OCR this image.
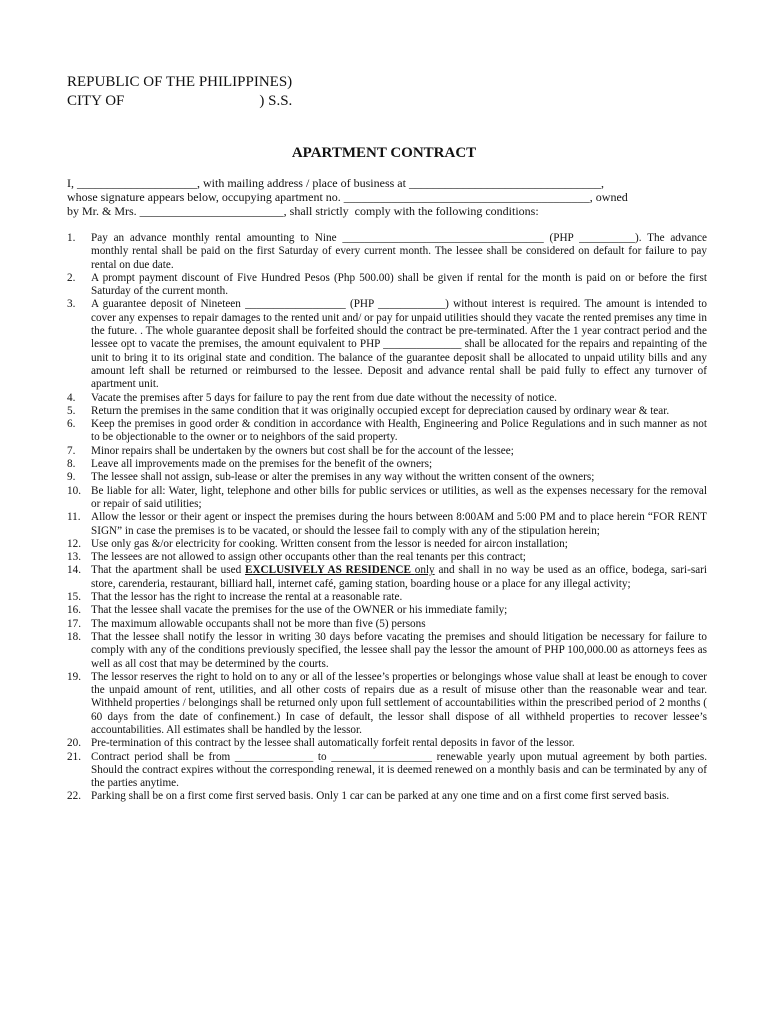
REPUBLIC OF THE PHILIPPINES)
CITY OF                                    ) S.S.
APARTMENT CONTRACT
I, ____________________, with mailing address / place of business at ________________________________,
whose signature appears below, occupying apartment no. _________________________________________, owned
by Mr. & Mrs. ________________________, shall strictly  comply with the following conditions:
1. Pay an advance monthly rental amounting to Nine ____________________________________ (PHP __________). The advance monthly rental shall be paid on the first Saturday of every current month. The lessee shall be considered on default for failure to pay rental on due date.
2. A prompt payment discount of Five Hundred Pesos (Php 500.00) shall be given if rental for the month is paid on or before the first Saturday of the current month.
3. A guarantee deposit of Nineteen __________________ (PHP ____________) without interest is required. The amount is intended to cover any expenses to repair damages to the rented unit and/ or pay for unpaid utilities should they vacate the rented premises any time in the future. . The whole guarantee deposit shall be forfeited should the contract be pre-terminated. After the 1 year contract period and the lessee opt to vacate the premises, the amount equivalent to PHP ______________ shall be allocated for the repairs and repainting of the unit to bring it to its original state and condition. The balance of the guarantee deposit shall be allocated to unpaid utility bills and any amount left shall be returned or reimbursed to the lessee. Deposit and advance rental shall be paid fully to effect any turnover of apartment unit.
4. Vacate the premises after 5 days for failure to pay the rent from due date without the necessity of notice.
5. Return the premises in the same condition that it was originally occupied except for depreciation caused by ordinary wear & tear.
6. Keep the premises in good order & condition in accordance with Health, Engineering and Police Regulations and in such manner as not to be objectionable to the owner or to neighbors of the said property.
7. Minor repairs shall be undertaken by the owners but cost shall be for the account of the lessee;
8. Leave all improvements made on the premises for the benefit of the owners;
9. The lessee shall not assign, sub-lease or alter the premises in any way without the written consent of the owners;
10. Be liable for all: Water, light, telephone and other bills for public services or utilities, as well as the expenses necessary for the removal or repair of said utilities;
11. Allow the lessor or their agent or inspect the premises during the hours between 8:00AM and 5:00 PM and to place herein “FOR RENT SIGN” in case the premises is to be vacated, or should the lessee fail to comply with any of the stipulation herein;
12. Use only gas &/or electricity for cooking. Written consent from the lessor is needed for aircon installation;
13. The lessees are not allowed to assign other occupants other than the real tenants per this contract;
14. That the apartment shall be used EXCLUSIVELY AS RESIDENCE only and shall in no way be used as an office, bodega, sari-sari store, carenderia, restaurant, billiard hall, internet café, gaming station, boarding house or a place for any illegal activity;
15. That the lessor has the right to increase the rental at a reasonable rate.
16. That the lessee shall vacate the premises for the use of the OWNER or his immediate family;
17. The maximum allowable occupants shall not be more than five (5) persons
18. That the lessee shall notify the lessor in writing 30 days before vacating the premises and should litigation be necessary for failure to comply with any of the conditions previously specified, the lessee shall pay the lessor the amount of PHP 100,000.00 as attorneys fees as well as all cost that may be determined by the courts.
19. The lessor reserves the right to hold on to any or all of the lessee’s properties or belongings whose value shall at least be enough to cover the unpaid amount of rent, utilities, and all other costs of repairs due as a result of misuse other than the reasonable wear and tear. Withheld properties / belongings shall be returned only upon full settlement of accountabilities within the prescribed period of 2 months ( 60 days from the date of confinement.) In case of default, the lessor shall dispose of all withheld properties to recover lessee’s accountabilities. All estimates shall be handled by the lessor.
20. Pre-termination of this contract by the lessee shall automatically forfeit rental deposits in favor of the lessor.
21. Contract period shall be from ______________ to __________________ renewable yearly upon mutual agreement by both parties. Should the contract expires without the corresponding renewal, it is deemed renewed on a monthly basis and can be terminated by any of the parties anytime.
22. Parking shall be on a first come first served basis. Only 1 car can be parked at any one time and on a first come first served basis.
